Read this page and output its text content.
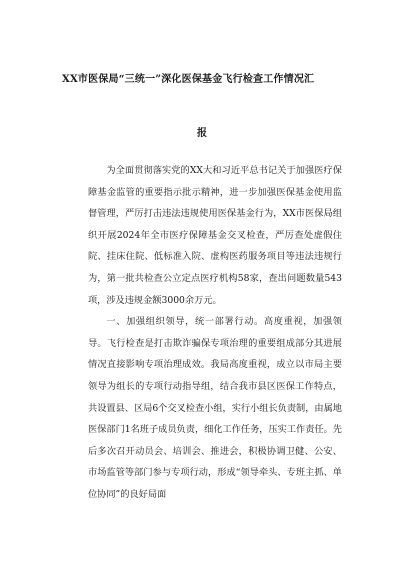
XX市医保局“三统一”深化医保基金飞行检查工作情况汇
报

为全面贯彻落实党的XX大和习近平总书记关于加强医疗保障基金监管的重要指示批示精神，进一步加强医保基金使用监督管理，严厉打击违法违规使用医保基金行为，XX市医保局组织开展2024年全市医疗保障基金交叉检查，严厉查处虚假住院、挂床住院、低标准入院、虚构医药服务项目等违法违规行为，第一批共检查公立定点医疗机构58家，查出问题数量543项，涉及违规金额3000余万元。

一、加强组织领导，统一部署行动。高度重视，加强领导。飞行检查是打击欺诈骗保专项治理的重要组成部分其进展情况直接影响专项治理成效。我局高度重视，成立以市局主要领导为组长的专项行动指导组，结合我市县区医保工作特点，共设置县、区局6个交叉检查小组，实行小组长负责制，由属地医保部门1名班子成员负责，细化工作任务，压实工作责任。先后多次召开动员会、培训会、推进会，积极协调卫健、公安、市场监管等部门参与专项行动，形成“领导牵头、专班主抓、单位协同”的良好局面
